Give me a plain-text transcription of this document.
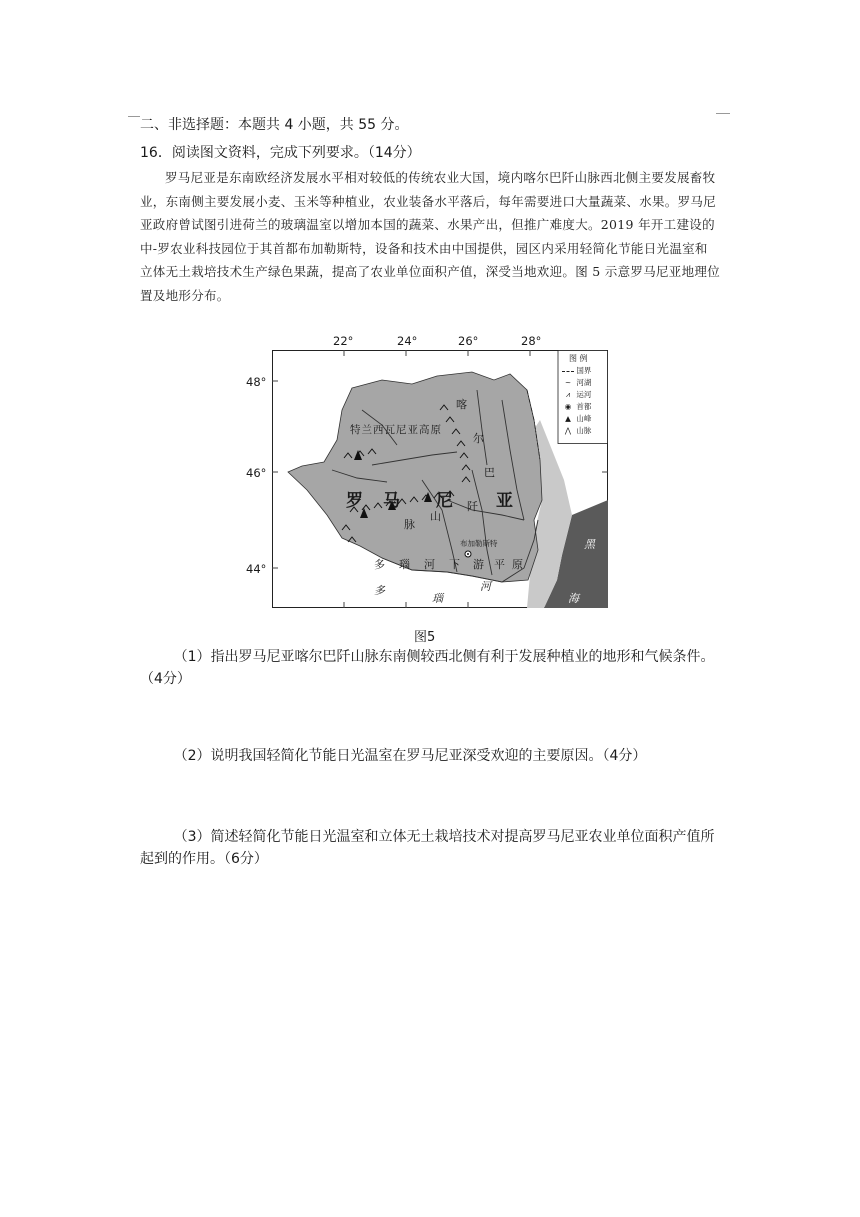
二、非选择题：本题共 4 小题，共 55 分。
16．阅读图文资料，完成下列要求。（14分）
罗马尼亚是东南欧经济发展水平相对较低的传统农业大国，境内喀尔巴阡山脉西北侧主要发展畜牧业，东南侧主要发展小麦、玉米等种植业，农业装备水平落后，每年需要进口大量蔬菜、水果。罗马尼亚政府曾试图引进荷兰的玻璃温室以增加本国的蔬菜、水果产出，但推广难度大。2019 年开工建设的中-罗农业科技园位于其首都布加勒斯特，设备和技术由中国提供，园区内采用轻简化节能日光温室和立体无土栽培技术生产绿色果蔬，提高了农业单位面积产值，深受当地欢迎。图 5 示意罗马尼亚地理位置及地形分布。
22°	24°	26°	28°
48°
46°
44°
特兰西瓦尼亚高原
罗 马 尼	亚
喀
尔
巴
阡
山
脉
布加勒斯特
多 瑙 河 下 游 平 原
多
瑙
河
黑
海
图 例
国界
~ 河湖
⩘ 运河
◉ 首都
▲ 山峰
⋀ 山脉
图5
（1）指出罗马尼亚喀尔巴阡山脉东南侧较西北侧有利于发展种植业的地形和气候条件。（4分）
（2）说明我国轻简化节能日光温室在罗马尼亚深受欢迎的主要原因。（4分）
（3）简述轻简化节能日光温室和立体无土栽培技术对提高罗马尼亚农业单位面积产值所起到的作用。（6分）
